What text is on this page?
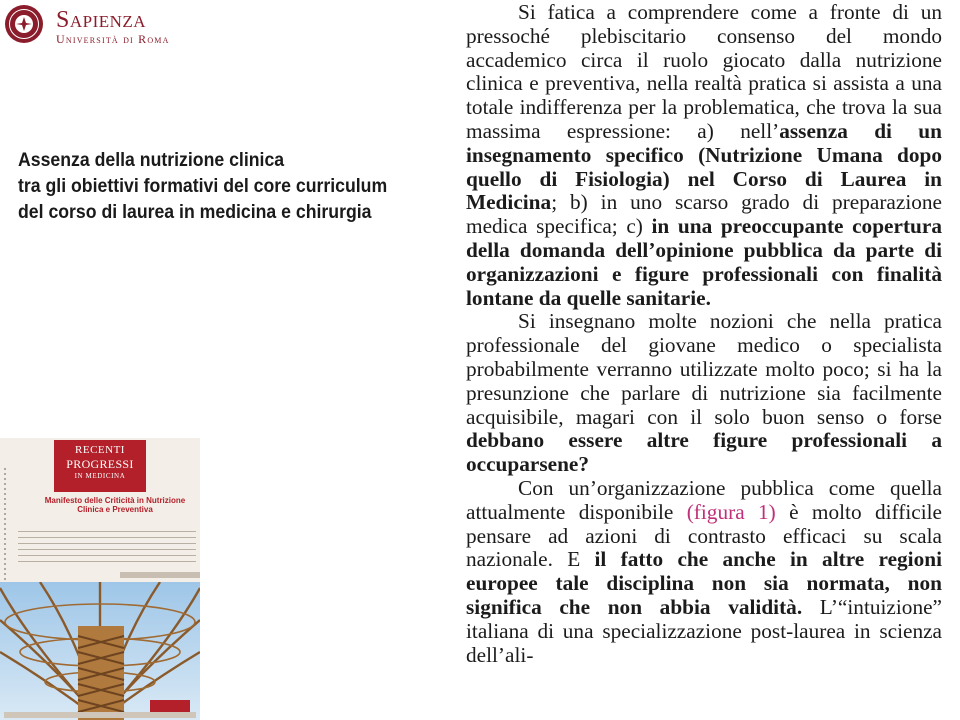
Sapienza
Università di Roma
Assenza della nutrizione clinica
tra gli obiettivi formativi del core curriculum
del corso di laurea in medicina e chirurgia

Si fatica a comprendere come a fronte di un pressoché plebiscitario consenso del mondo accademico circa il ruolo giocato dalla nutrizione clinica e preventiva, nella realtà pratica si assista a una totale indifferenza per la problematica, che trova la sua massima espressione: a) nell’assenza di un insegnamento specifico (Nutrizione Umana dopo quello di Fisiologia) nel Corso di Laurea in Medicina; b) in uno scarso grado di preparazione medica specifica; c) in una preoccupante copertura della domanda dell’opinione pubblica da parte di organizzazioni e figure professionali con finalità lontane da quelle sanitarie.

Si insegnano molte nozioni che nella pratica professionale del giovane medico o specialista probabilmente verranno utilizzate molto poco; si ha la presunzione che parlare di nutrizione sia facilmente acquisibile, magari con il solo buon senso o forse debbano essere altre figure professionali a occuparsene?

Con un’organizzazione pubblica come quella attualmente disponibile (figura 1) è molto difficile pensare ad azioni di contrasto efficaci su scala nazionale. E il fatto che anche in altre regioni europee tale disciplina non sia normata, non significa che non abbia validità. L’“intuizione” italiana di una specializzazione post-laurea in scienza dell’ali-

RECENTI
PROGRESSI
IN MEDICINA
Manifesto delle Criticità in Nutrizione Clinica e Preventiva
